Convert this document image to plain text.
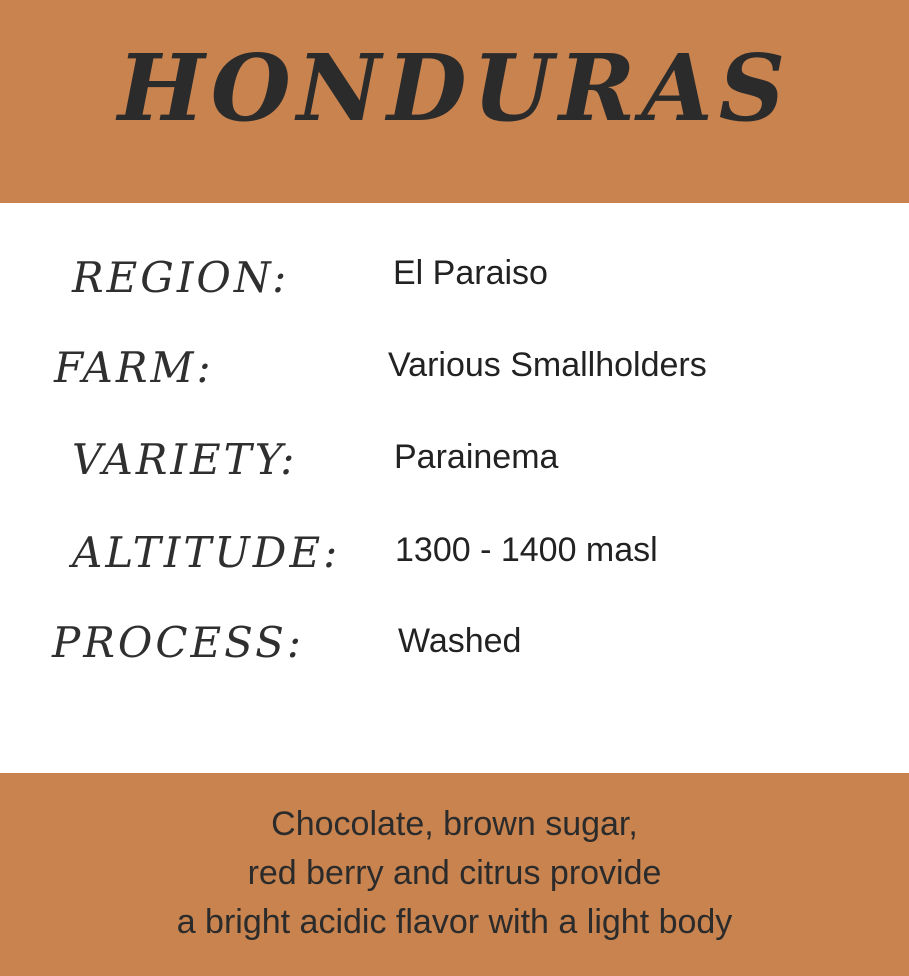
HONDURAS
REGION:	El Paraiso
FARM:	Various Smallholders
VARIETY:	Parainema
ALTITUDE: 1300 - 1400 masl
PROCESS:	Washed
Chocolate, brown sugar,
red berry and citrus provide
a bright acidic flavor with a light body
